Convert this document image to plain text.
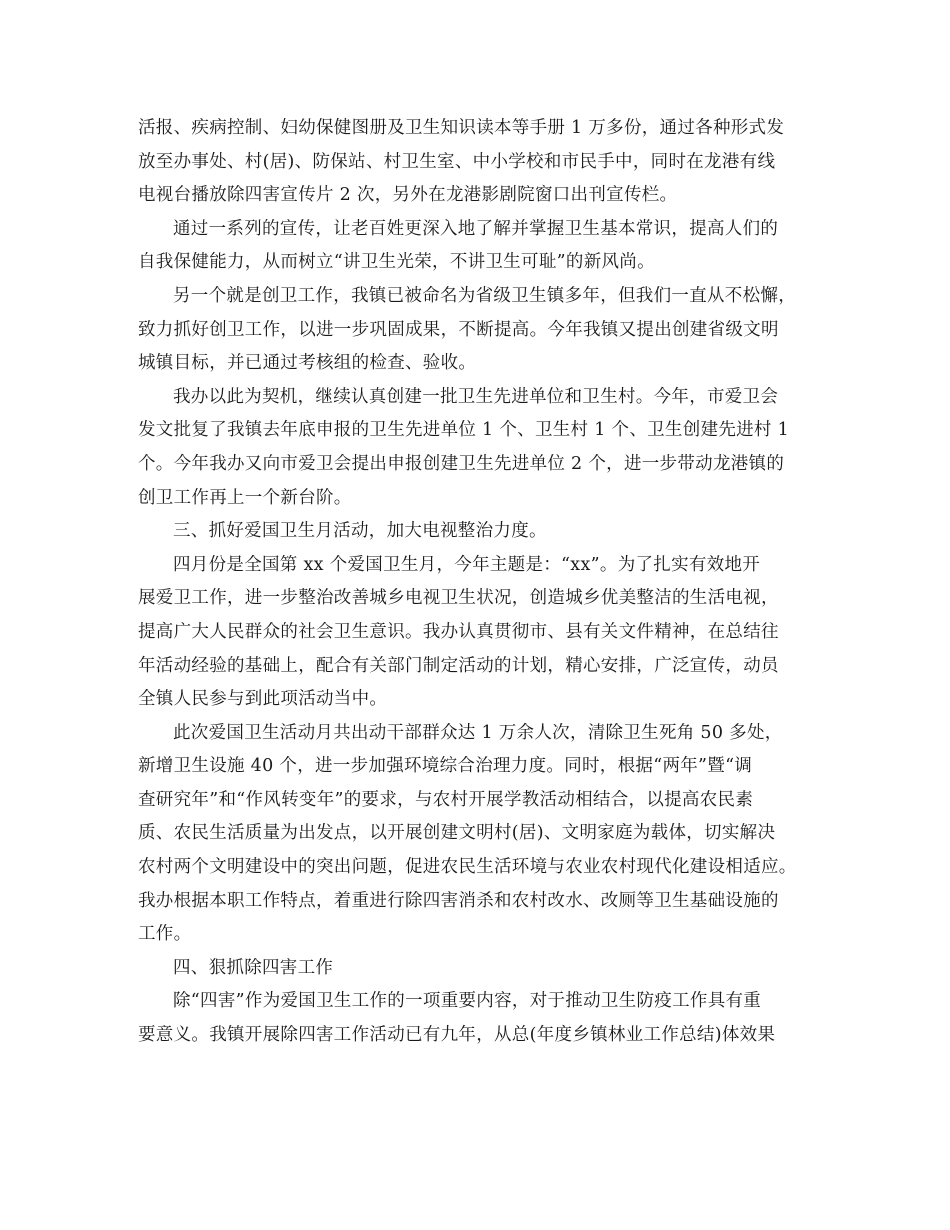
活报、疾病控制、妇幼保健图册及卫生知识读本等手册 1 万多份，通过各种形式发
放至办事处、村(居)、防保站、村卫生室、中小学校和市民手中，同时在龙港有线
电视台播放除四害宣传片 2 次，另外在龙港影剧院窗口出刊宣传栏。
通过一系列的宣传，让老百姓更深入地了解并掌握卫生基本常识，提高人们的
自我保健能力，从而树立“讲卫生光荣，不讲卫生可耻”的新风尚。
另一个就是创卫工作，我镇已被命名为省级卫生镇多年，但我们一直从不松懈，
致力抓好创卫工作，以进一步巩固成果，不断提高。今年我镇又提出创建省级文明
城镇目标，并已通过考核组的检查、验收。
我办以此为契机，继续认真创建一批卫生先进单位和卫生村。今年，市爱卫会
发文批复了我镇去年底申报的卫生先进单位 1 个、卫生村 1 个、卫生创建先进村 1
个。今年我办又向市爱卫会提出申报创建卫生先进单位 2 个，进一步带动龙港镇的
创卫工作再上一个新台阶。
三、抓好爱国卫生月活动，加大电视整治力度。
四月份是全国第 xx 个爱国卫生月，今年主题是：“xx”。为了扎实有效地开
展爱卫工作，进一步整治改善城乡电视卫生状况，创造城乡优美整洁的生活电视，
提高广大人民群众的社会卫生意识。我办认真贯彻市、县有关文件精神，在总结往
年活动经验的基础上，配合有关部门制定活动的计划，精心安排，广泛宣传，动员
全镇人民参与到此项活动当中。
此次爱国卫生活动月共出动干部群众达 1 万余人次，清除卫生死角 50 多处，
新增卫生设施 40 个，进一步加强环境综合治理力度。同时，根据“两年”暨“调
查研究年”和“作风转变年”的要求，与农村开展学教活动相结合，以提高农民素
质、农民生活质量为出发点，以开展创建文明村(居)、文明家庭为载体，切实解决
农村两个文明建设中的突出问题，促进农民生活环境与农业农村现代化建设相适应。
我办根据本职工作特点，着重进行除四害消杀和农村改水、改厕等卫生基础设施的
工作。
四、狠抓除四害工作
除“四害”作为爱国卫生工作的一项重要内容，对于推动卫生防疫工作具有重
要意义。我镇开展除四害工作活动已有九年，从总(年度乡镇林业工作总结)体效果
